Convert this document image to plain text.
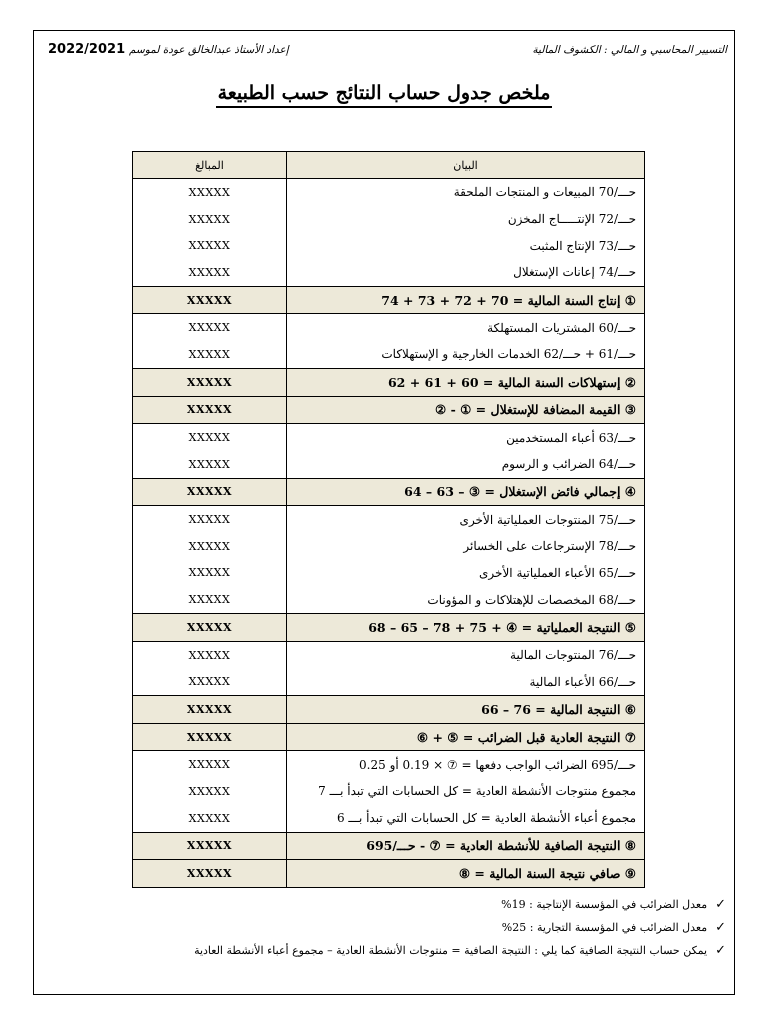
التسيير المحاسبي و المالي : الكشوف المالية
إعداد الأستاذ عبدالخالق عودة لموسم 2022/2021
ملخص جدول حساب النتائج حسب الطبيعة
البيان	المبالغ
حـــ/70 المبيعات و المنتجات الملحقة	XXXXX
حـــ/72 الإنتـــــاج المخزن	XXXXX
حـــ/73 الإنتاج المثبت	XXXXX
حـــ/74 إعانات الإستغلال	XXXXX
① إنتاج السنة المالية = 70 + 72 + 73 + 74	XXXXX
حـــ/60 المشتريات المستهلكة	XXXXX
حـــ/61 + حـــ/62 الخدمات الخارجية و الإستهلاكات	XXXXX
② إستهلاكات السنة المالية = 60 + 61 + 62	XXXXX
③ القيمة المضافة للإستغلال = ① - ②	XXXXX
حـــ/63 أعباء المستخدمين	XXXXX
حـــ/64 الضرائب و الرسوم	XXXXX
④ إجمالي فائض الإستغلال = ③ – 63 – 64	XXXXX
حـــ/75 المنتوجات العملياتية الأخرى	XXXXX
حـــ/78 الإسترجاعات على الخسائر	XXXXX
حـــ/65 الأعباء العملياتية الأخرى	XXXXX
حـــ/68 المخصصات للإهتلاكات و المؤونات	XXXXX
⑤ النتيجة العملياتية = ④ + 75 + 78 – 65 – 68	XXXXX
حـــ/76 المنتوجات المالية	XXXXX
حـــ/66 الأعباء المالية	XXXXX
⑥ النتيجة المالية = 76 – 66	XXXXX
⑦ النتيجة العادية قبل الضرائب = ⑤ + ⑥	XXXXX
حـــ/695 الضرائب الواجب دفعها = ⑦ × 0.19 أو 0.25	XXXXX
مجموع منتوجات الأنشطة العادية = كل الحسابات التي تبدأ بـــ 7	XXXXX
مجموع أعباء الأنشطة العادية = كل الحسابات التي تبدأ بـــ 6	XXXXX
⑧ النتيجة الصافية للأنشطة العادية = ⑦ - حـــ/695	XXXXX
⑨ صافي نتيجة السنة المالية = ⑧	XXXXX
✓معدل الضرائب في المؤسسة الإنتاجية : 19%
✓معدل الضرائب في المؤسسة التجارية : 25%
✓يمكن حساب النتيجة الصافية كما يلي : النتيجة الصافية = منتوجات الأنشطة العادية – مجموع أعباء الأنشطة العادية
